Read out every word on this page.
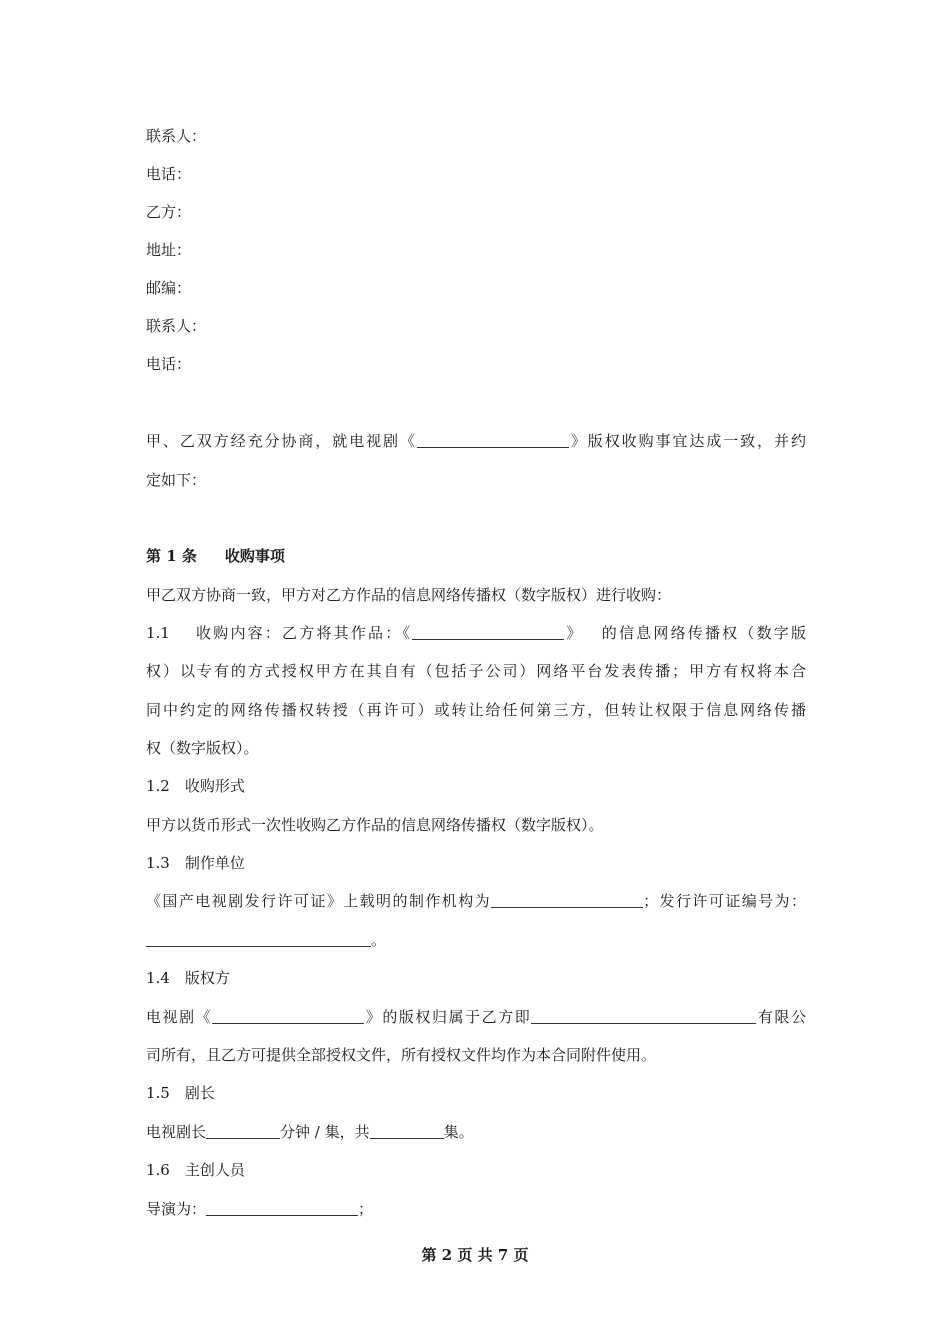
联系人：
电话：
乙方：
地址：
邮编：
联系人：
电话：
甲、乙双方经充分协商，就电视剧《	》版权收购事宜达成一致，并约
定如下：
第 1 条 收购事项
甲乙双方协商一致，甲方对乙方作品的信息网络传播权（数字版权）进行收购：
1.1 收购内容：乙方将其作品：《	》 的信息网络传播权（数字版
权）以专有的方式授权甲方在其自有（包括子公司）网络平台发表传播；甲方有权将本合
同中约定的网络传播权转授（再许可）或转让给任何第三方，但转让权限于信息网络传播
权（数字版权）。
1.2　收购形式
甲方以货币形式一次性收购乙方作品的信息网络传播权（数字版权）。
1.3　制作单位
《国产电视剧发行许可证》上载明的制作机构为	；发行许可证编号为：
。
1.4　版权方
电视剧《	》的版权归属于乙方即	有限公
司所有，且乙方可提供全部授权文件，所有授权文件均作为本合同附件使用。
1.5　剧长
电视剧长	分钟 / 集，共	集。
1.6　主创人员
导演为：	；
第 2 页 共 7 页
